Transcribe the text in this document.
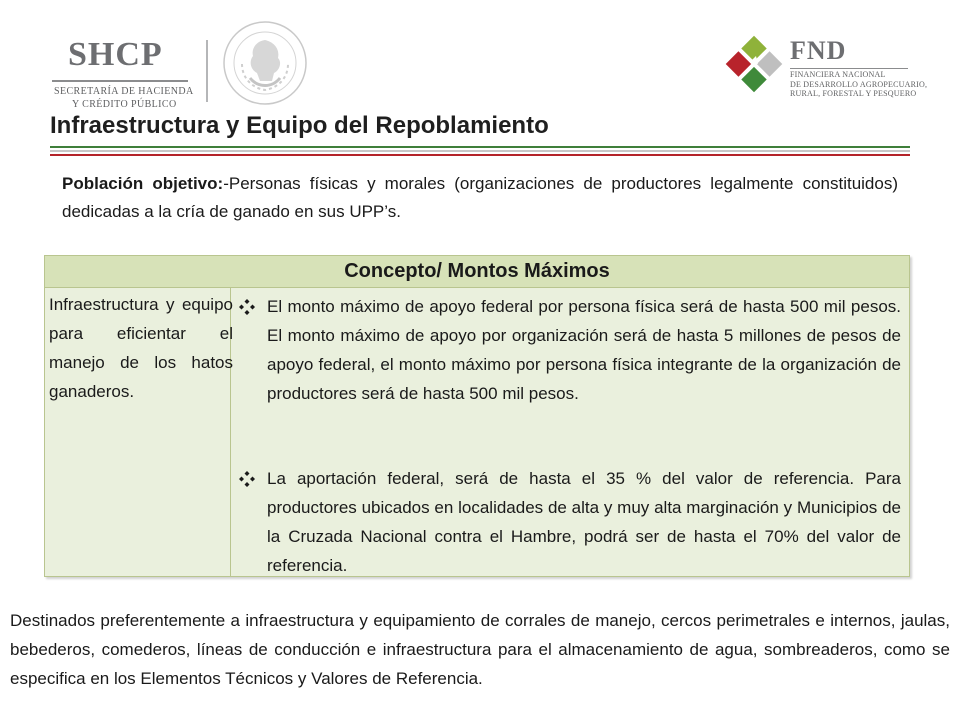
SHCP
SECRETARÍA DE HACIENDA
Y CRÉDITO PÚBLICO
FND
FINANCIERA NACIONAL
DE DESARROLLO AGROPECUARIO,
RURAL, FORESTAL Y PESQUERO
Infraestructura y Equipo del Repoblamiento
Población objetivo:-Personas físicas y morales (organizaciones de productores legalmente constituidos) dedicadas a la cría de ganado en sus UPP’s.
Concepto/ Montos Máximos
Infraestructura y equipo para eficientar el manejo de los hatos ganaderos.
El monto máximo de apoyo federal por persona física será de hasta 500 mil pesos. El monto máximo de apoyo por organización será de hasta 5 millones de pesos de apoyo federal, el monto máximo por persona física integrante de la organización de productores será de hasta 500 mil pesos.
La aportación federal, será de hasta el 35 % del valor de referencia. Para productores ubicados en localidades de alta y muy alta marginación y Municipios de la Cruzada Nacional contra el Hambre, podrá ser de hasta el 70% del valor de referencia.
Destinados preferentemente a infraestructura y equipamiento de corrales de manejo, cercos perimetrales e internos, jaulas, bebederos, comederos, líneas de conducción e infraestructura para el almacenamiento de agua, sombreaderos, como se especifica en los Elementos Técnicos y Valores de Referencia.
